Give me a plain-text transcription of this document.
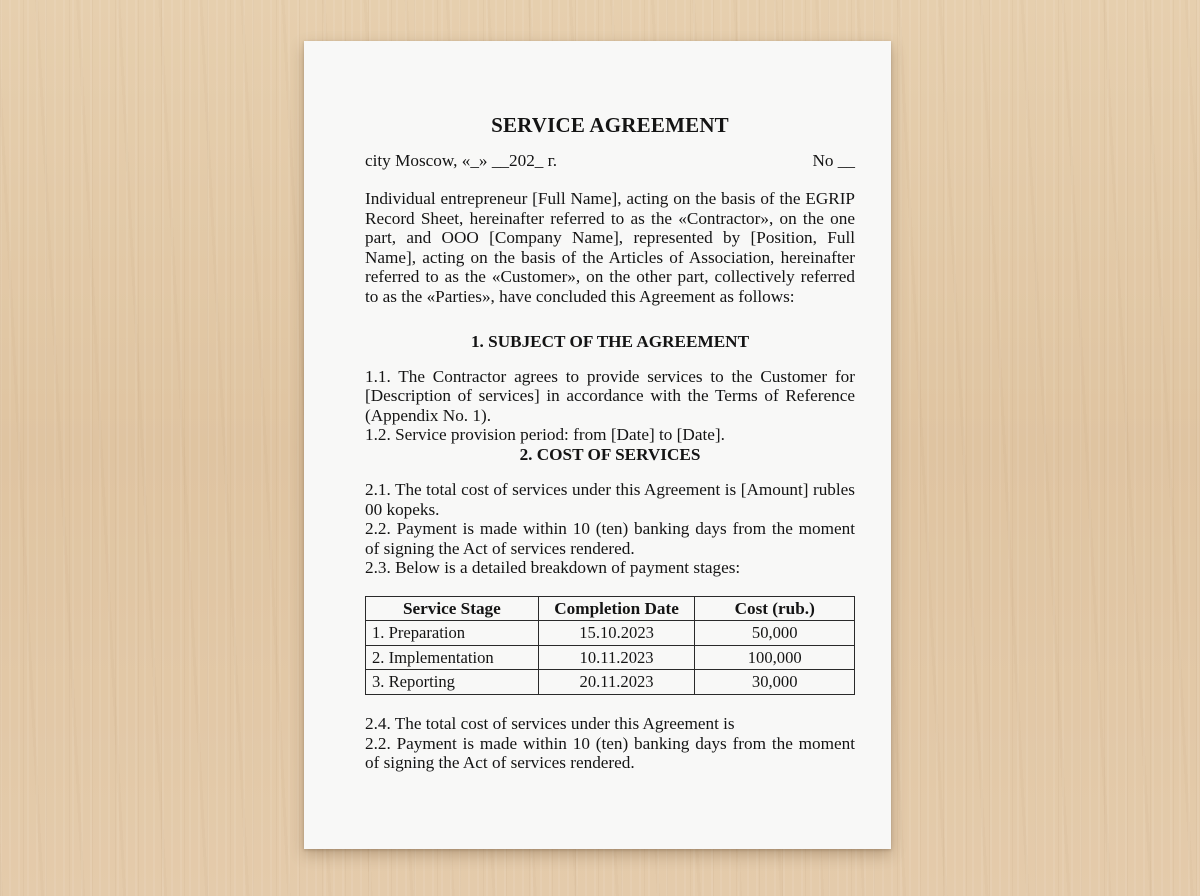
SERVICE AGREEMENT
city Moscow, «_» __202_ г.	No __

Individual entrepreneur [Full Name], acting on the basis of the EGRIP Record Sheet, hereinafter referred to as the «Contractor», on the one part, and OOO [Company Name], represented by [Position, Full Name], acting on the basis of the Articles of Association, hereinafter referred to as the «Customer», on the other part, collectively referred to as the «Parties», have concluded this Agreement as follows:

1. SUBJECT OF THE AGREEMENT

1.1. The Contractor agrees to provide services to the Customer for [Description of services] in accordance with the Terms of Reference (Appendix No. 1).

1.2. Service provision period: from [Date] to [Date].

2. COST OF SERVICES

2.1. The total cost of services under this Agreement is [Amount] rubles 00 kopeks.

2.2. Payment is made within 10 (ten) banking days from the moment of signing the Act of services rendered.

2.3. Below is a detailed breakdown of payment stages:

Service Stage	Completion Date	Cost (rub.)
1. Preparation	15.10.2023	50,000
2. Implementation	10.11.2023	100,000
3. Reporting	20.11.2023	30,000

2.4. The total cost of services under this Agreement is

2.2. Payment is made within 10 (ten) banking days from the moment of signing the Act of services rendered.
